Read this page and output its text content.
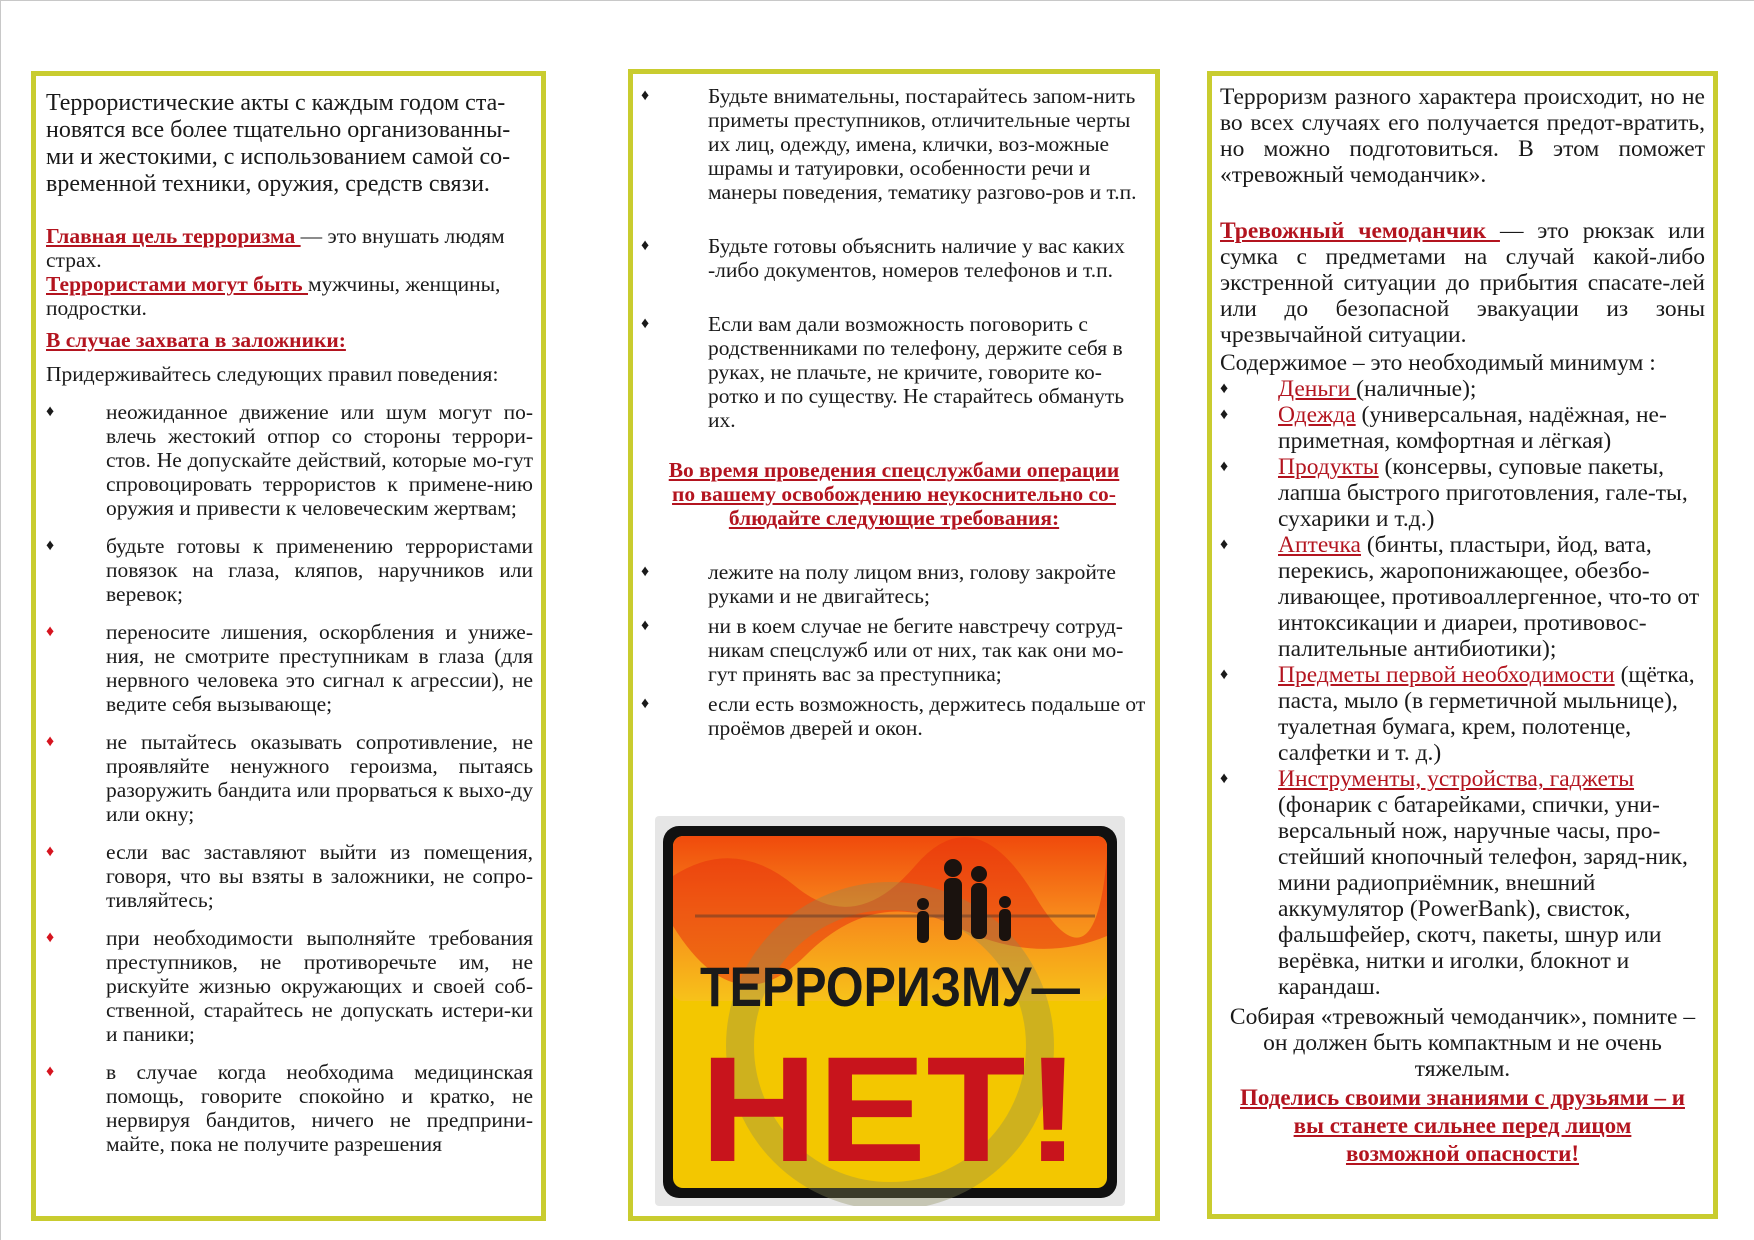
Террористические акты с каждым годом ста-новятся все более тщательно организованны-ми и жестокими, с использованием самой со-временной техники, оружия, средств связи.

Главная цель терроризма — это внушать людям страх.
Террористами могут быть мужчины, женщины, подростки.
В случае захвата в заложники:
Придерживайтесь следующих правил поведения:
♦	неожиданное движение или шум могут по-влечь жестокий отпор со стороны террори-стов. Не допускайте действий, которые мо-гут спровоцировать террористов к примене-нию оружия и привести к человеческим жертвам;
♦	будьте готовы к применению террористами повязок на глаза, кляпов, наручников или веревок;
♦	переносите лишения, оскорбления и униже-ния, не смотрите преступникам в глаза (для нервного человека это сигнал к агрессии), не ведите себя вызывающе;
♦	не пытайтесь оказывать сопротивление, не проявляйте ненужного героизма, пытаясь разоружить бандита или прорваться к выхо-ду или окну;
♦	если вас заставляют выйти из помещения, говоря, что вы взяты в заложники, не сопро-тивляйтесь;
♦	при необходимости выполняйте требования преступников, не противоречьте им, не рискуйте жизнью окружающих и своей соб-ственной, старайтесь не допускать истери-ки и паники;
♦	в случае когда необходима медицинская помощь, говорите спокойно и кратко, не нервируя бандитов, ничего не предприни-майте, пока не получите разрешения
♦	Будьте внимательны, постарайтесь запом-нить приметы преступников, отличительные черты их лиц, одежду, имена, клички, воз-можные шрамы и татуировки, особенности речи и манеры поведения, тематику разгово-ров и т.п.
♦	Будьте готовы объяснить наличие у вас каких -либо документов, номеров телефонов и т.п.
♦	Если вам дали возможность поговорить с родственниками по телефону, держите себя в руках, не плачьте, не кричите, говорите ко-ротко и по существу. Не старайтесь обмануть их.
Во время проведения спецслужбами операции по вашему освобождению неукоснительно со-блюдайте следующие требования:
♦	лежите на полу лицом вниз, голову закройте руками и не двигайтесь;
♦	ни в коем случае не бегите навстречу сотруд-никам спецслужб или от них, так как они мо-гут принять вас за преступника;
♦	если есть возможность, держитесь подальше от проёмов дверей и окон.
ТЕРРОРИЗМУ—
НЕТ!
Терроризм разного характера происходит, но не во всех случаях его получается предот-вратить, но можно подготовиться. В этом поможет «тревожный чемоданчик».
Тревожный чемоданчик — это рюкзак или сумка с предметами на случай какой-либо экстренной ситуации до прибытия спасате-лей или до безопасной эвакуации из зоны чрезвычайной ситуации.
Содержимое – это необходимый минимум :
♦	Деньги (наличные);
♦	Одежда (универсальная, надёжная, не-приметная, комфортная и лёгкая)
♦	Продукты (консервы, суповые пакеты, лапша быстрого приготовления, гале-ты, сухарики и т.д.)
♦	Аптечка (бинты, пластыри, йод, вата, перекись, жаропонижающее, обезбо-ливающее, противоаллергенное, что-то от интоксикации и диареи, противовос-палительные антибиотики);
♦	Предметы первой необходимости (щётка, паста, мыло (в герметичной мыльнице), туалетная бумага, крем, полотенце, салфетки и т. д.)
♦	Инструменты, устройства, гаджеты (фонарик с батарейками, спички, уни-версальный нож, наручные часы, про-стейший кнопочный телефон, заряд-ник, мини радиоприёмник, внешний аккумулятор (PowerBank), свисток, фальшфейер, скотч, пакеты, шнур или верёвка, нитки и иголки, блокнот и карандаш.
Собирая «тревожный чемоданчик», помните – он должен быть компактным и не очень тяжелым.
Поделись своими знаниями с друзьями – и вы станете сильнее перед лицом возможной опасности!
